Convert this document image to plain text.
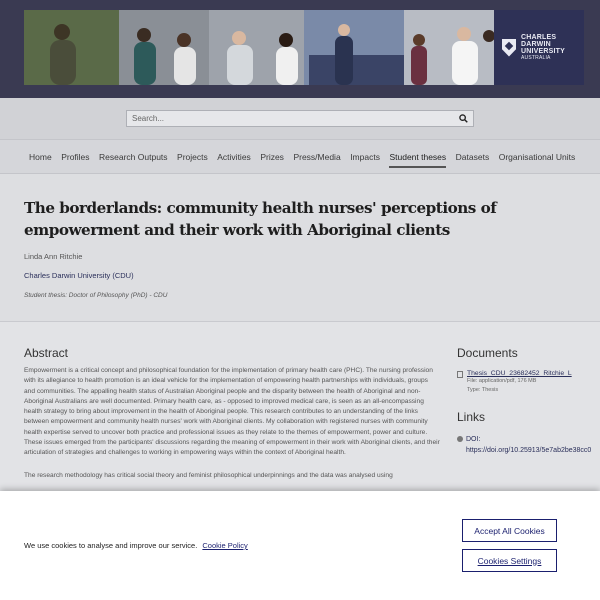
CHARLES
DARWIN
UNIVERSITY
AUSTRALIA
Search...
Home Profiles Research Outputs Projects Activities Prizes Press/Media Impacts Student theses Datasets Organisational Units
The borderlands: community health nurses' perceptions of empowerment and their work with Aboriginal clients
Linda Ann Ritchie
Charles Darwin University (CDU)
Student thesis: Doctor of Philosophy (PhD) - CDU
Abstract

Empowerment is a critical concept and philosophical foundation for the implementation of primary health care (PHC). The nursing profession with its allegiance to health promotion is an ideal vehicle for the implementation of empowering health partnerships with individuals, groups and communities. The appalling health status of Australian Aboriginal people and the disparity between the health of Aboriginal and non-Aboriginal Australians are well documented. Primary health care, as - opposed to improved medical care, is seen as an all-encompassing health strategy to bring about improvement in the health of Aboriginal people. This research contributes to an understanding of the links between empowerment and community health nurses' work with Aboriginal clients. My collaboration with registered nurses with community health expertise served to uncover both practice and professional issues as they relate to the themes of empowerment, power and culture. These issues emerged from the participants' discussions regarding the meaning of empowerment in their work with Aboriginal clients, and their articulation of strategies and challenges to working in empowering ways within the context of Aboriginal health.

The research methodology has critical social theory and feminist philosophical underpinnings and the data was analysed using

Documents
Thesis_CDU_23682452_Ritchie_L
File: application/pdf, 176 MB
Type: Thesis
Links
DOI:
https://doi.org/10.25913/5e7ab2be38cc0
We use cookies to analyse and improve our service. Cookie Policy
Accept All Cookies
Cookies Settings
